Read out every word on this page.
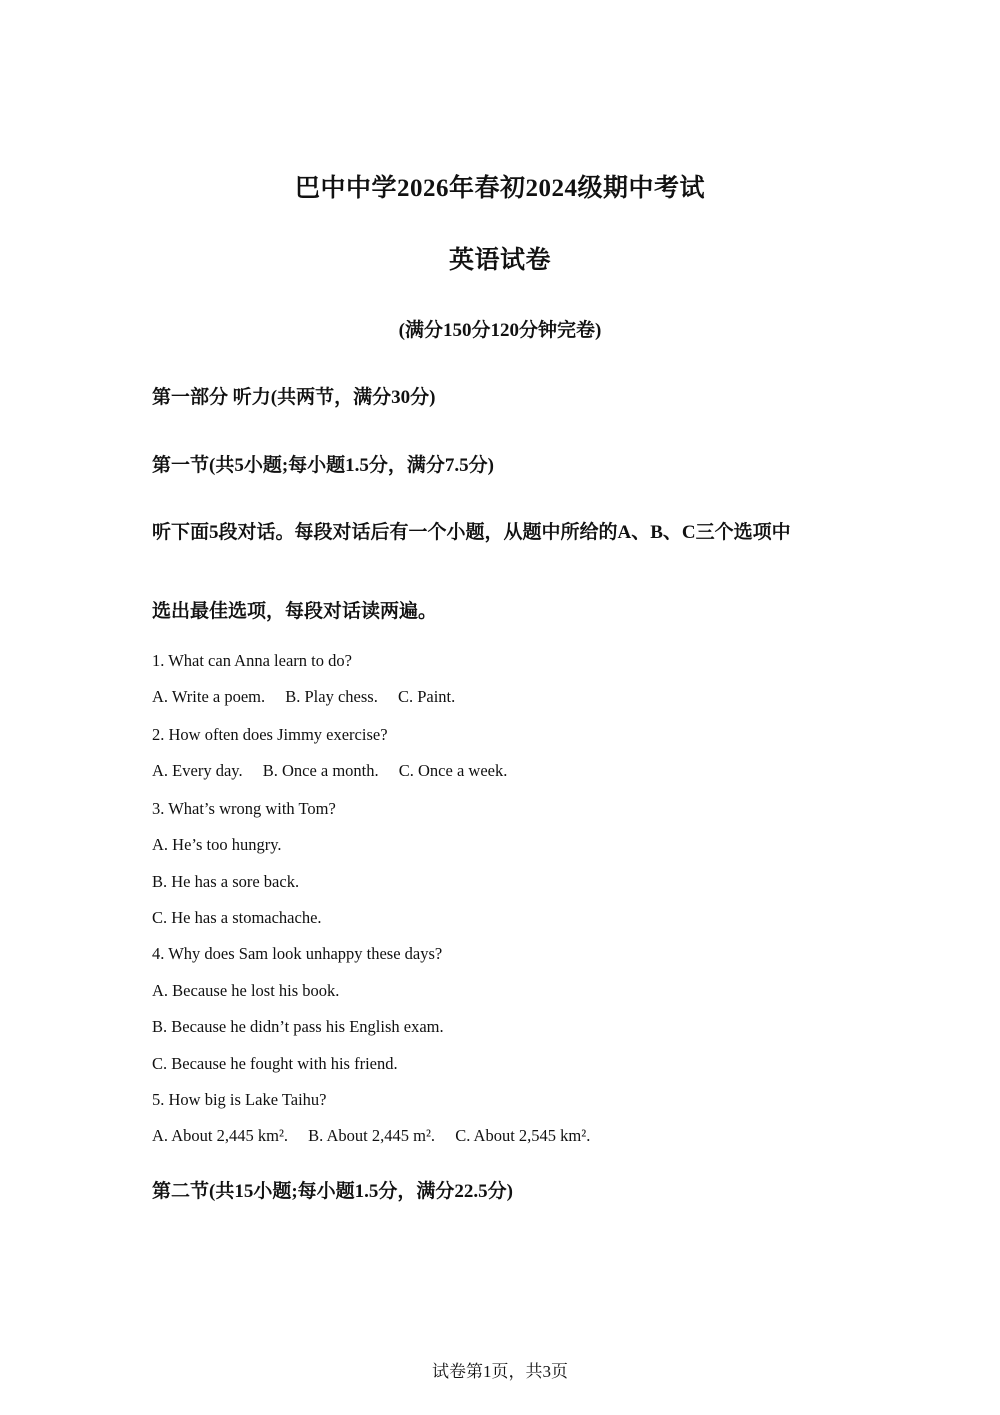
巴中中学2026年春初2024级期中考试
英语试卷
(满分150分120分钟完卷)
第一部分 听力(共两节，满分30分)
第一节(共5小题;每小题1.5分，满分7.5分)
听下面5段对话。每段对话后有一个小题，从题中所给的A、B、C三个选项中
选出最佳选项，每段对话读两遍。
1. What can Anna learn to do?
A. Write a poem. B. Play chess. C. Paint.
2. How often does Jimmy exercise?
A. Every day. B. Once a month. C. Once a week.
3. What’s wrong with Tom?
A. He’s too hungry.
B. He has a sore back.
C. He has a stomachache.
4. Why does Sam look unhappy these days?
A. Because he lost his book.
B. Because he didn’t pass his English exam.
C. Because he fought with his friend.
5. How big is Lake Taihu?
A. About 2,445 km². B. About 2,445 m². C. About 2,545 km².
第二节(共15小题;每小题1.5分，满分22.5分)
试卷第1页，共3页
